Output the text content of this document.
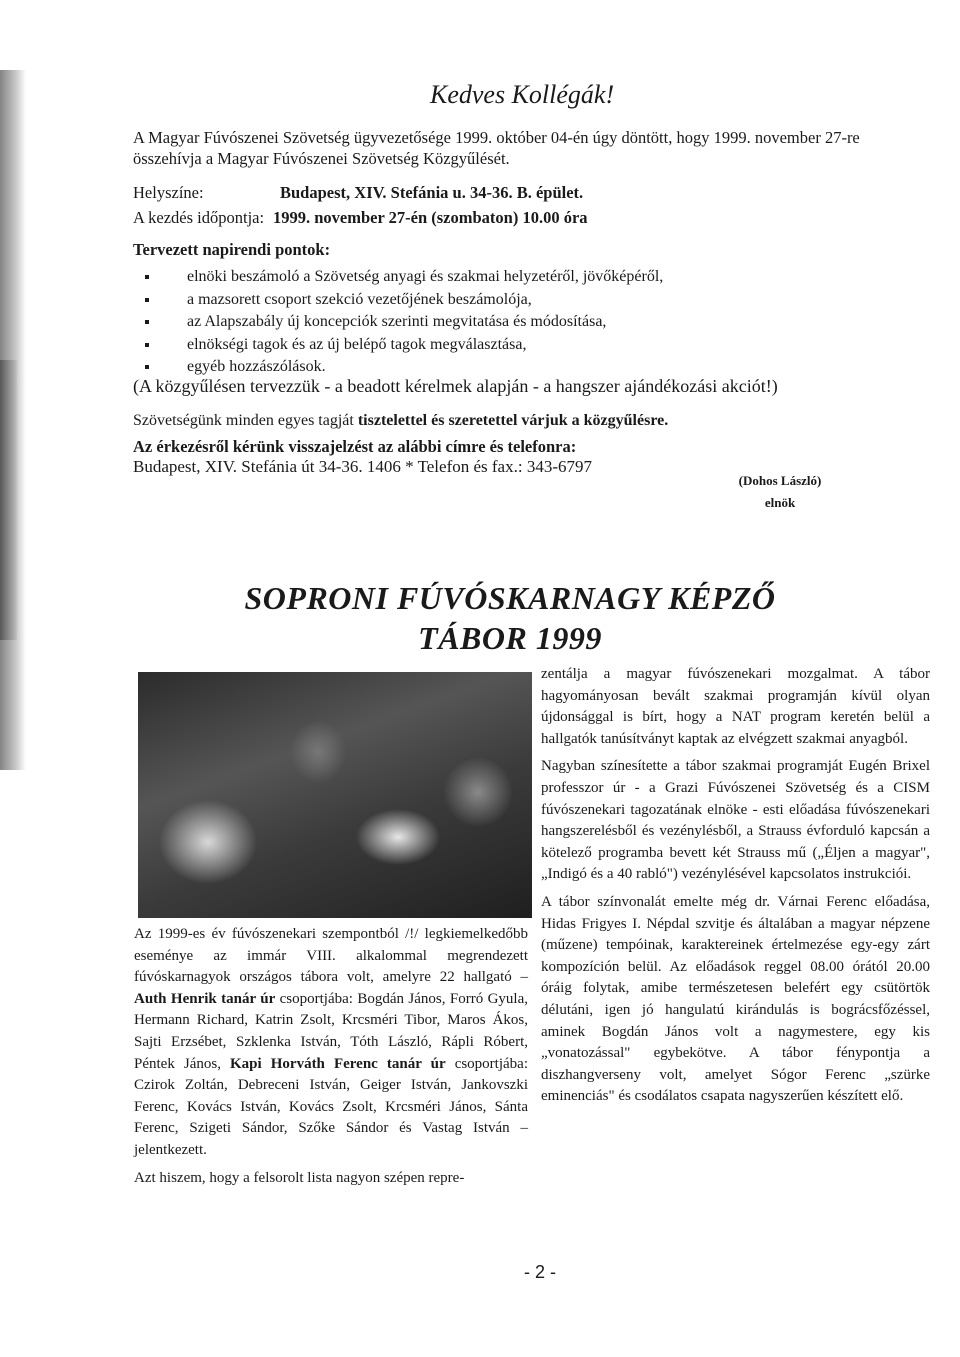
Kedves Kollégák!
A Magyar Fúvószenei Szövetség ügyvezetősége 1999. október 04-én úgy döntött, hogy 1999. november 27-re összehívja a Magyar Fúvószenei Szövetség Közgyűlését.
Helyszíne:	Budapest, XIV. Stefánia u. 34-36. B. épület.
A kezdés időpontja: 1999. november 27-én (szombaton) 10.00 óra
Tervezett napirendi pontok:
elnöki beszámoló a Szövetség anyagi és szakmai helyzetéről, jövőképéről,
a mazsorett csoport szekció vezetőjének beszámolója,
az Alapszabály új koncepciók szerinti megvitatása és módosítása,
elnökségi tagok és az új belépő tagok megválasztása,
egyéb hozzászólások.
(A közgyűlésen tervezzük - a beadott kérelmek alapján - a hangszer ajándékozási akciót!)
Szövetségünk minden egyes tagját tisztelettel és szeretettel várjuk a közgyűlésre.
Az érkezésről kérünk visszajelzést az alábbi címre és telefonra:
Budapest, XIV. Stefánia út 34-36. 1406 * Telefon és fax.: 343-6797
(Dohos László)
elnök
SOPRONI FÚVÓSKARNAGY KÉPZŐ
TÁBOR 1999

Az 1999-es év fúvószenekari szempontból /!/ legkiemelkedőbb eseménye az immár VIII. alkalommal megrendezett fúvóskarnagyok országos tábora volt, amelyre 22 hallgató – Auth Henrik tanár úr csoportjába: Bogdán János, Forró Gyula, Hermann Richard, Katrin Zsolt, Krcsméri Tibor, Maros Ákos, Sajti Erzsébet, Szklenka István, Tóth László, Rápli Róbert, Péntek János, Kapi Horváth Ferenc tanár úr csoportjába: Czirok Zoltán, Debreceni István, Geiger István, Jankovszki Ferenc, Kovács István, Kovács Zsolt, Krcsméri János, Sánta Ferenc, Szigeti Sándor, Szőke Sándor és Vastag István – jelentkezett.

Azt hiszem, hogy a felsorolt lista nagyon szépen repre-

zentálja a magyar fúvószenekari mozgalmat. A tábor hagyományosan bevált szakmai programján kívül olyan újdonsággal is bírt, hogy a NAT program keretén belül a hallgatók tanúsítványt kaptak az elvégzett szakmai anyagból.

Nagyban színesítette a tábor szakmai programját Eugén Brixel professzor úr - a Grazi Fúvószenei Szövetség és a CISM fúvószenekari tagozatának elnöke - esti előadása fúvószenekari hangszerelésből és vezénylésből, a Strauss évforduló kapcsán a kötelező programba bevett két Strauss mű („Éljen a magyar", „Indigó és a 40 rabló") vezénylésével kapcsolatos instrukciói.

A tábor színvonalát emelte még dr. Várnai Ferenc előadása, Hidas Frigyes I. Népdal szvitje és általában a magyar népzene (műzene) tempóinak, karaktereinek értelmezése egy-egy zárt kompozíción belül. Az előadások reggel 08.00 órától 20.00 óráig folytak, amibe természetesen belefért egy csütörtök délutáni, igen jó hangulatú kirándulás is bográcsfőzéssel, aminek Bogdán János volt a nagymestere, egy kis „vonatozással" egybekötve. A tábor fénypontja a diszhangverseny volt, amelyet Sógor Ferenc „szürke eminenciás" és csodálatos csapata nagyszerűen készített elő.

- 2 -
